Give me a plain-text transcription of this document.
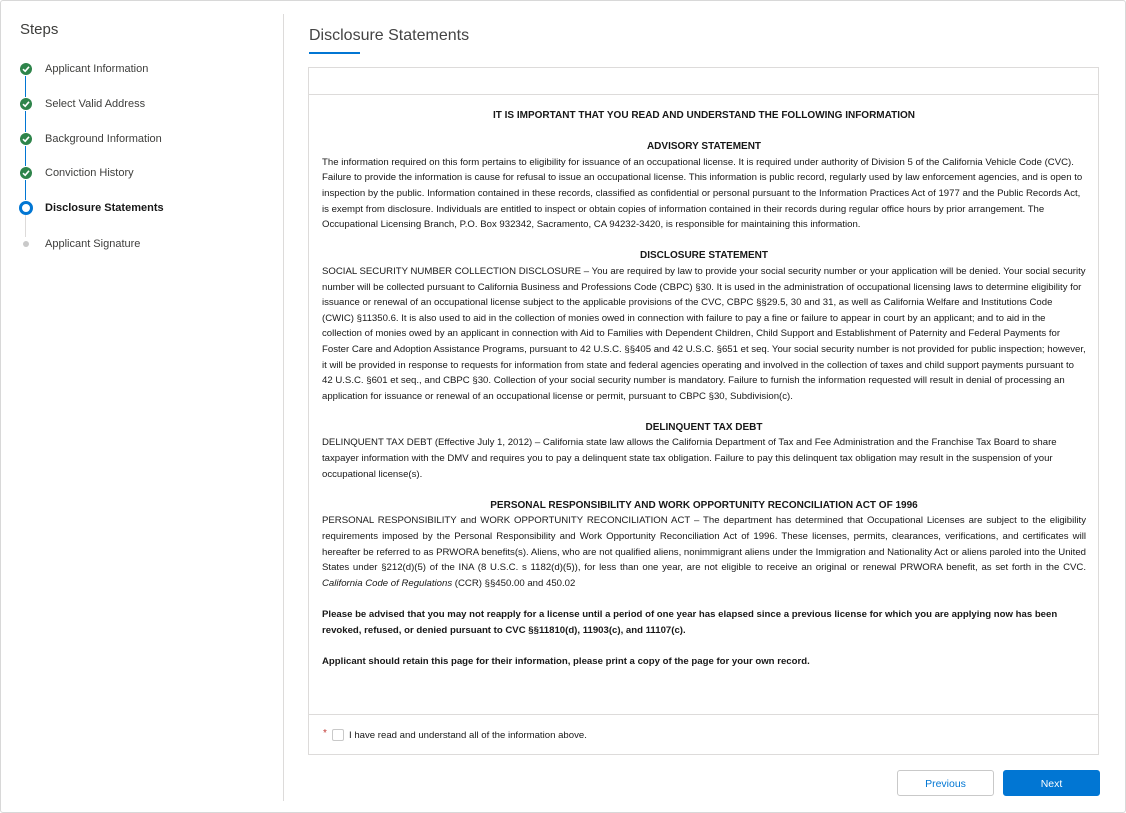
Steps
Applicant Information
Select Valid Address
Background Information
Conviction History
Disclosure Statements
Applicant Signature
Disclosure Statements
IT IS IMPORTANT THAT YOU READ AND UNDERSTAND THE FOLLOWING INFORMATION
ADVISORY STATEMENT

The information required on this form pertains to eligibility for issuance of an occupational license. It is required under authority of Division 5 of the California Vehicle Code (CVC). Failure to provide the information is cause for refusal to issue an occupational license. This information is public record, regularly used by law enforcement agencies, and is open to inspection by the public. Information contained in these records, classified as confidential or personal pursuant to the Information Practices Act of 1977 and the Public Records Act, is exempt from disclosure. Individuals are entitled to inspect or obtain copies of information contained in their records during regular office hours by prior arrangement. The Occupational Licensing Branch, P.O. Box 932342, Sacramento, CA 94232-3420, is responsible for maintaining this information.

DISCLOSURE STATEMENT

SOCIAL SECURITY NUMBER COLLECTION DISCLOSURE – You are required by law to provide your social security number or your application will be denied. Your social security number will be collected pursuant to California Business and Professions Code (CBPC) §30. It is used in the administration of occupational licensing laws to determine eligibility for issuance or renewal of an occupational license subject to the applicable provisions of the CVC, CBPC §§29.5, 30 and 31, as well as California Welfare and Institutions Code (CWIC) §11350.6. It is also used to aid in the collection of monies owed in connection with failure to pay a fine or failure to appear in court by an applicant; and to aid in the collection of monies owed by an applicant in connection with Aid to Families with Dependent Children, Child Support and Establishment of Paternity and Federal Payments for Foster Care and Adoption Assistance Programs, pursuant to 42 U.S.C. §§405 and 42 U.S.C. §651 et seq. Your social security number is not provided for public inspection; however, it will be provided in response to requests for information from state and federal agencies operating and involved in the collection of taxes and child support payments pursuant to 42 U.S.C. §601 et seq., and CBPC §30. Collection of your social security number is mandatory. Failure to furnish the information requested will result in denial of processing an application for issuance or renewal of an occupational license or permit, pursuant to CBPC §30, Subdivision(c).

DELINQUENT TAX DEBT

DELINQUENT TAX DEBT (Effective July 1, 2012) – California state law allows the California Department of Tax and Fee Administration and the Franchise Tax Board to share taxpayer information with the DMV and requires you to pay a delinquent state tax obligation. Failure to pay this delinquent tax obligation may result in the suspension of your occupational license(s).

PERSONAL RESPONSIBILITY AND WORK OPPORTUNITY RECONCILIATION ACT OF 1996

PERSONAL RESPONSIBILITY and WORK OPPORTUNITY RECONCILIATION ACT – The department has determined that Occupational Licenses are subject to the eligibility requirements imposed by the Personal Responsibility and Work Opportunity Reconciliation Act of 1996. These licenses, permits, clearances, verifications, and certificates will hereafter be referred to as PRWORA benefits(s). Aliens, who are not qualified aliens, nonimmigrant aliens under the Immigration and Nationality Act or aliens paroled into the United States under §212(d)(5) of the INA (8 U.S.C. s 1182(d)(5)), for less than one year, are not eligible to receive an original or renewal PRWORA benefit, as set forth in the CVC. California Code of Regulations (CCR) §§450.00 and 450.02

Please be advised that you may not reapply for a license until a period of one year has elapsed since a previous license for which you are applying now has been revoked, refused, or denied pursuant to CVC §§11810(d), 11903(c), and 11107(c).

Applicant should retain this page for their information, please print a copy of the page for your own record.

* I have read and understand all of the information above.
Previous	Next
